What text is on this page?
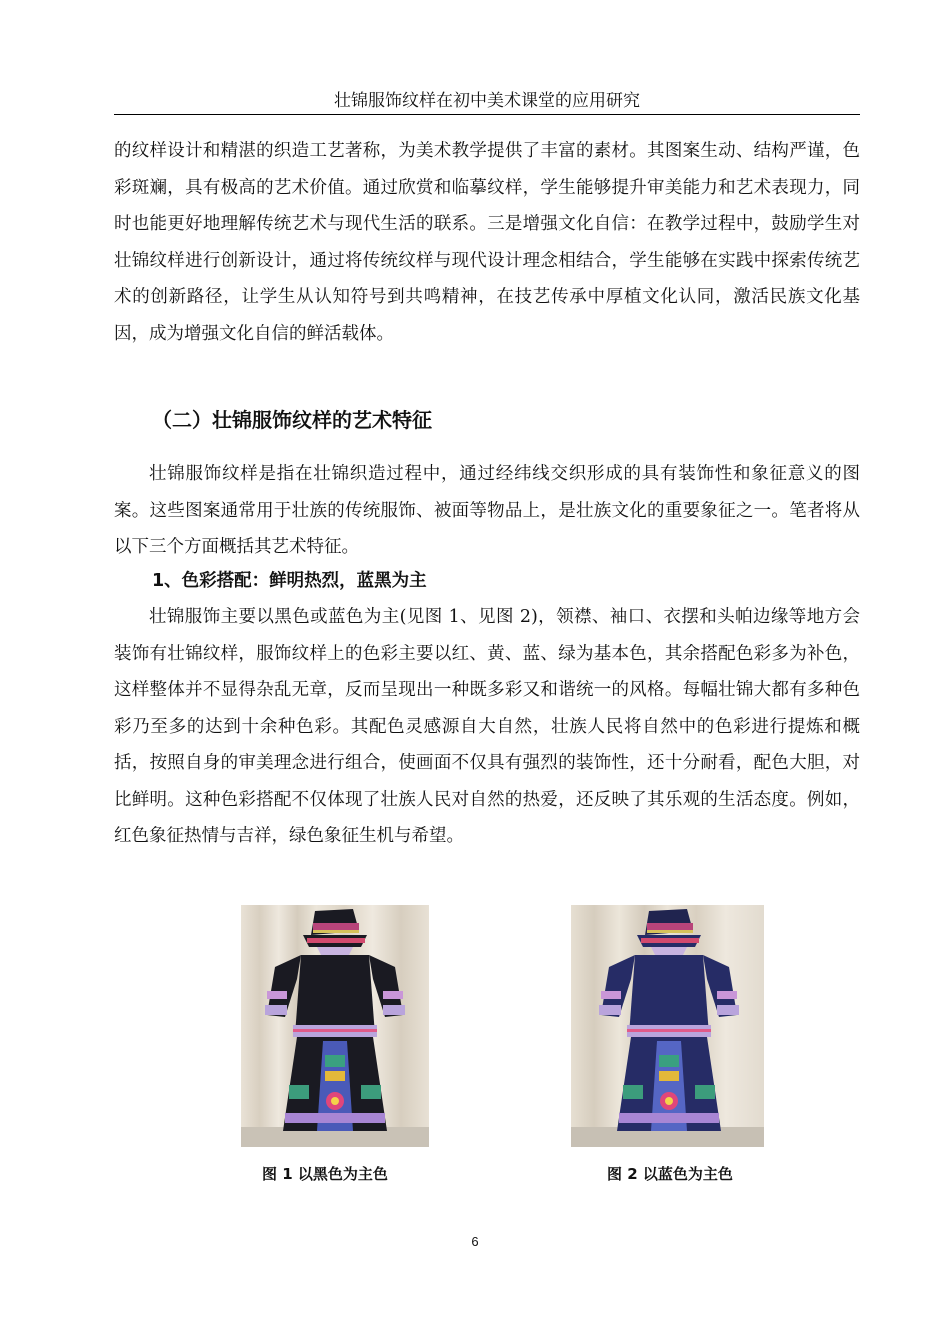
壮锦服饰纹样在初中美术课堂的应用研究

的纹样设计和精湛的织造工艺著称，为美术教学提供了丰富的素材。其图案生动、结构严谨，色彩斑斓，具有极高的艺术价值。通过欣赏和临摹纹样，学生能够提升审美能力和艺术表现力，同时也能更好地理解传统艺术与现代生活的联系。三是增强文化自信：在教学过程中，鼓励学生对壮锦纹样进行创新设计，通过将传统纹样与现代设计理念相结合，学生能够在实践中探索传统艺术的创新路径，让学生从认知符号到共鸣精神，在技艺传承中厚植文化认同，激活民族文化基因，成为增强文化自信的鲜活载体。

（二）壮锦服饰纹样的艺术特征

壮锦服饰纹样是指在壮锦织造过程中，通过经纬线交织形成的具有装饰性和象征意义的图案。这些图案通常用于壮族的传统服饰、被面等物品上，是壮族文化的重要象征之一。笔者将从以下三个方面概括其艺术特征。

1、色彩搭配：鲜明热烈，蓝黑为主

壮锦服饰主要以黑色或蓝色为主(见图 1、见图 2)，领襟、袖口、衣摆和头帕边缘等地方会装饰有壮锦纹样，服饰纹样上的色彩主要以红、黄、蓝、绿为基本色，其余搭配色彩多为补色，这样整体并不显得杂乱无章，反而呈现出一种既多彩又和谐统一的风格。每幅壮锦大都有多种色彩乃至多的达到十余种色彩。其配色灵感源自大自然，壮族人民将自然中的色彩进行提炼和概括，按照自身的审美理念进行组合，使画面不仅具有强烈的装饰性，还十分耐看，配色大胆，对比鲜明。这种色彩搭配不仅体现了壮族人民对自然的热爱，还反映了其乐观的生活态度。例如，红色象征热情与吉祥，绿色象征生机与希望。

图 1 以黑色为主色	图 2 以蓝色为主色
6
